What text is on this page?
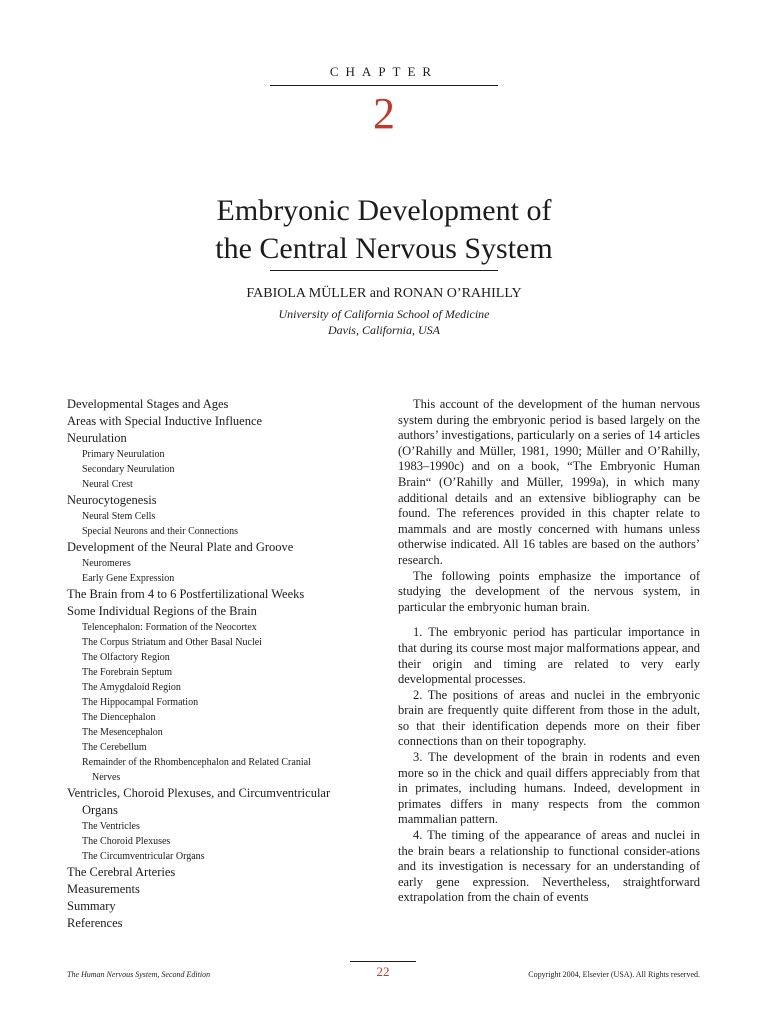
CHAPTER
2
Embryonic Development of
the Central Nervous System
FABIOLA MÜLLER and RONAN O’RAHILLY
University of California School of Medicine
Davis, California, USA
Developmental Stages and Ages
Areas with Special Inductive Influence
Neurulation
Primary Neurulation
Secondary Neurulation
Neural Crest
Neurocytogenesis
Neural Stem Cells
Special Neurons and their Connections
Development of the Neural Plate and Groove
Neuromeres
Early Gene Expression
The Brain from 4 to 6 Postfertilizational Weeks
Some Individual Regions of the Brain
Telencephalon: Formation of the Neocortex
The Corpus Striatum and Other Basal Nuclei
The Olfactory Region
The Forebrain Septum
The Amygdaloid Region
The Hippocampal Formation
The Diencephalon
The Mesencephalon
The Cerebellum
Remainder of the Rhombencephalon and Related Cranial
Nerves
Ventricles, Choroid Plexuses, and Circumventricular
Organs
The Ventricles
The Choroid Plexuses
The Circumventricular Organs
The Cerebral Arteries
Measurements
Summary
References

This account of the development of the human nervous system during the embryonic period is based largely on the authors’ investigations, particularly on a series of 14 articles (O’Rahilly and Müller, 1981, 1990; Müller and O’Rahilly, 1983–1990c) and on a book, “The Embryonic Human Brain“ (O’Rahilly and Müller, 1999a), in which many additional details and an extensive bibliography can be found. The references provided in this chapter relate to mammals and are mostly concerned with humans unless otherwise indicated. All 16 tables are based on the authors’ research.

The following points emphasize the importance of studying the development of the nervous system, in particular the embryonic human brain.

1. The embryonic period has particular importance in that during its course most major malformations appear, and their origin and timing are related to very early developmental processes.

2. The positions of areas and nuclei in the embryonic brain are frequently quite different from those in the adult, so that their identification depends more on their fiber connections than on their topography.

3. The development of the brain in rodents and even more so in the chick and quail differs appreciably from that in primates, including humans. Indeed, development in primates differs in many respects from the common mammalian pattern.

4. The timing of the appearance of areas and nuclei in the brain bears a relationship to functional consider-ations and its investigation is necessary for an understanding of early gene expression. Nevertheless, straightforward extrapolation from the chain of events

The Human Nervous System, Second Edition	22	Copyright 2004, Elsevier (USA). All Rights reserved.
